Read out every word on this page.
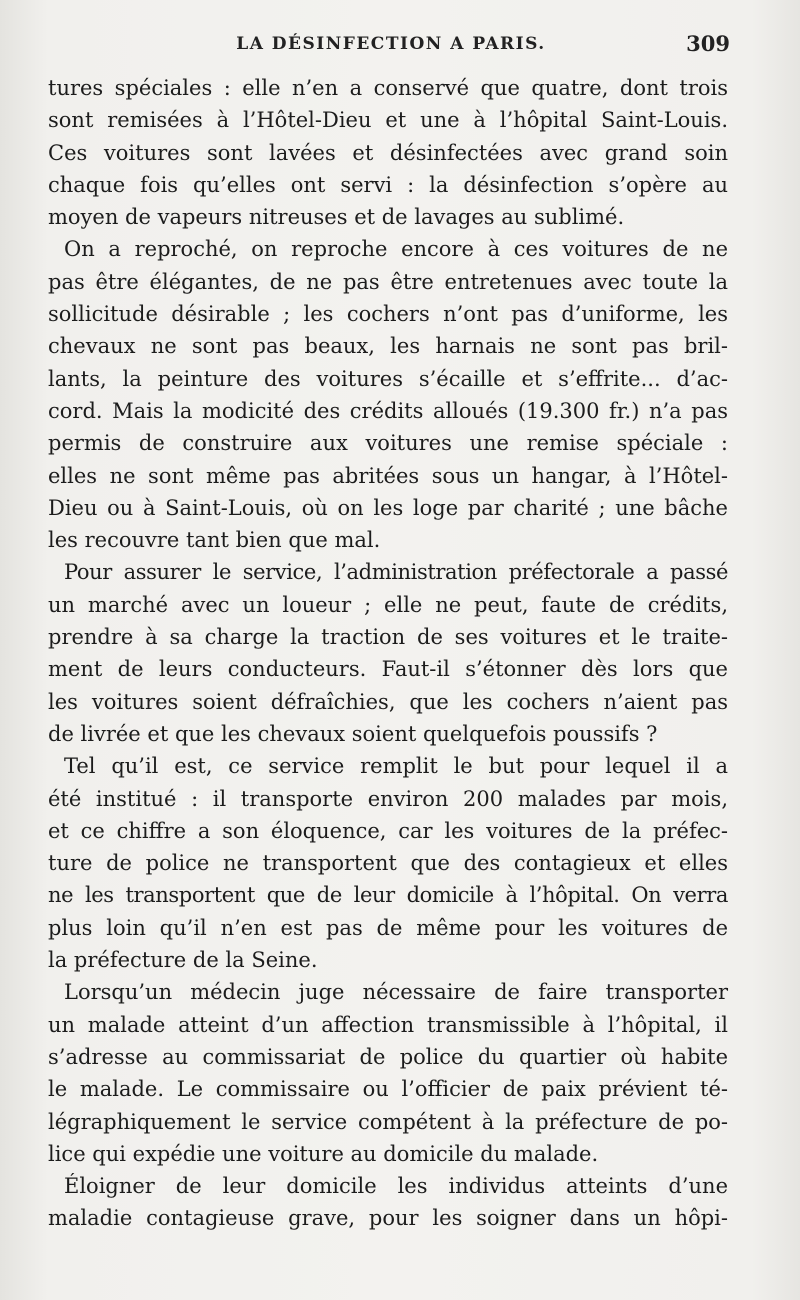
LA DÉSINFECTION A PARIS.	309
tures spéciales : elle n’en a conservé que quatre, dont trois
sont remisées à l’Hôtel-Dieu et une à l’hôpital Saint-Louis.
Ces voitures sont lavées et désinfectées avec grand soin
chaque fois qu’elles ont servi : la désinfection s’opère au
moyen de vapeurs nitreuses et de lavages au sublimé.
On a reproché, on reproche encore à ces voitures de ne
pas être élégantes, de ne pas être entretenues avec toute la
sollicitude désirable ; les cochers n’ont pas d’uniforme, les
chevaux ne sont pas beaux, les harnais ne sont pas bril-
lants, la peinture des voitures s’écaille et s’effrite... d’ac-
cord. Mais la modicité des crédits alloués (19.300 fr.) n’a pas
permis de construire aux voitures une remise spéciale :
elles ne sont même pas abritées sous un hangar, à l’Hôtel-
Dieu ou à Saint-Louis, où on les loge par charité ; une bâche
les recouvre tant bien que mal.
Pour assurer le service, l’administration préfectorale a passé
un marché avec un loueur ; elle ne peut, faute de crédits,
prendre à sa charge la traction de ses voitures et le traite-
ment de leurs conducteurs. Faut-il s’étonner dès lors que
les voitures soient défraîchies, que les cochers n’aient pas
de livrée et que les chevaux soient quelquefois poussifs ?
Tel qu’il est, ce service remplit le but pour lequel il a
été institué : il transporte environ 200 malades par mois,
et ce chiffre a son éloquence, car les voitures de la préfec-
ture de police ne transportent que des contagieux et elles
ne les transportent que de leur domicile à l’hôpital. On verra
plus loin qu’il n’en est pas de même pour les voitures de
la préfecture de la Seine.
Lorsqu’un médecin juge nécessaire de faire transporter
un malade atteint d’un affection transmissible à l’hôpital, il
s’adresse au commissariat de police du quartier où habite
le malade. Le commissaire ou l’officier de paix prévient té-
légraphiquement le service compétent à la préfecture de po-
lice qui expédie une voiture au domicile du malade.
Éloigner de leur domicile les individus atteints d’une
maladie contagieuse grave, pour les soigner dans un hôpi-
